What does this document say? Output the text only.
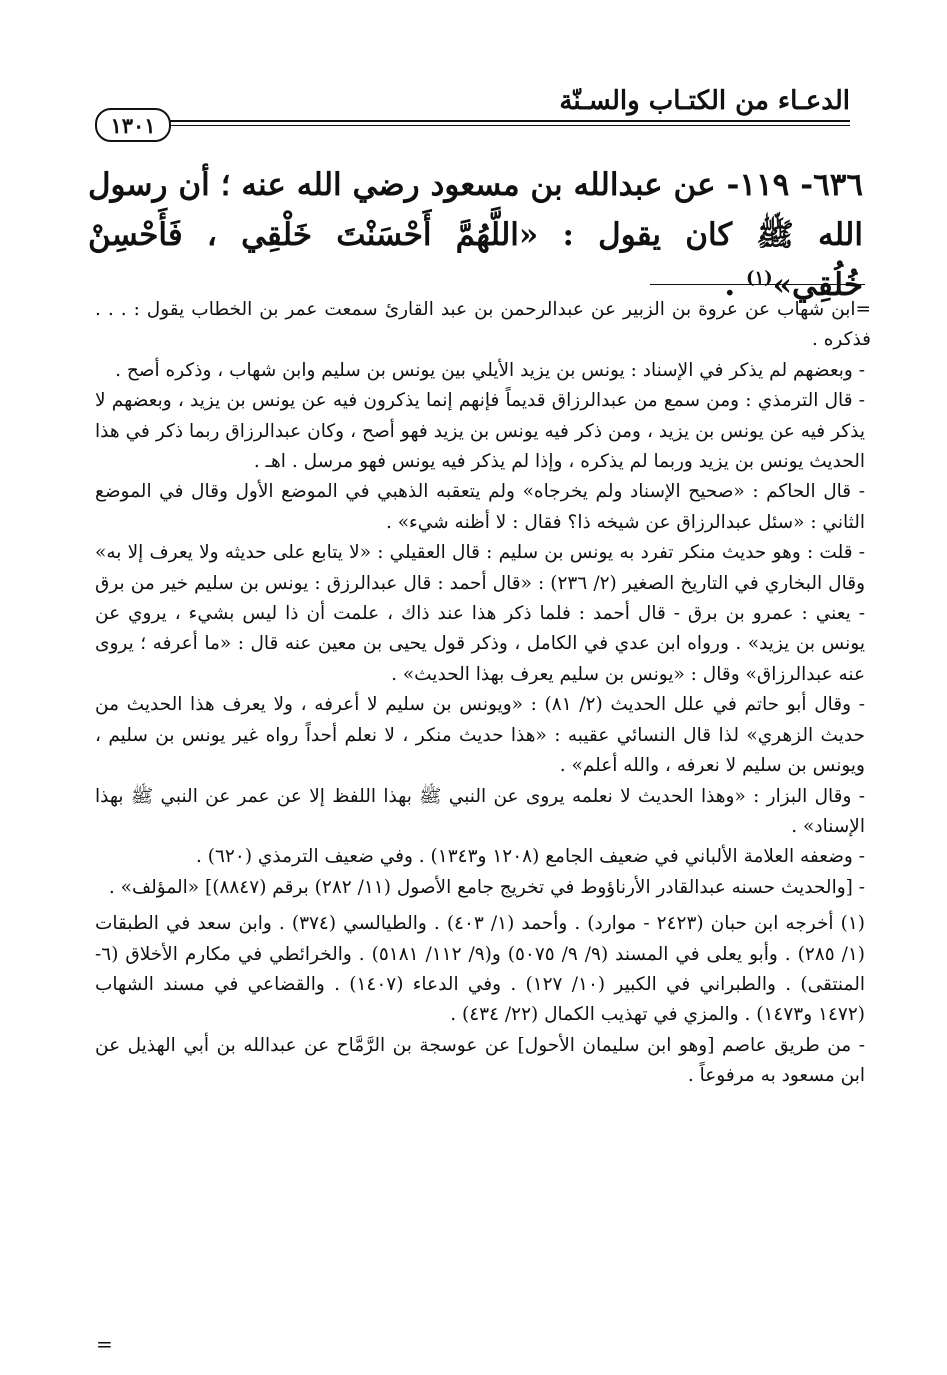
الدعـاء من الكتـاب والسـنّة
١٣٠١
٦٣٦- ١١٩- عن عبدالله بن مسعود رضي الله عنه ؛ أن رسول الله ﷺ كان يقول : «اللَّهُمَّ أَحْسَنْتَ خَلْقِي ، فَأَحْسِنْ خُلُقِي»$^{(١)}$ .

=ابن شهاب عن عروة بن الزبير عن عبدالرحمن بن عبد القارئ سمعت عمر بن الخطاب يقول : . . . فذكره .

- وبعضهم لم يذكر في الإسناد : يونس بن يزيد الأيلي بين يونس بن سليم وابن شهاب ، وذكره أصح .

- قال الترمذي : ومن سمع من عبدالرزاق قديماً فإنهم إنما يذكرون فيه عن يونس بن يزيد ، وبعضهم لا يذكر فيه عن يونس بن يزيد ، ومن ذكر فيه يونس بن يزيد فهو أصح ، وكان عبدالرزاق ربما ذكر في هذا الحديث يونس بن يزيد وربما لم يذكره ، وإذا لم يذكر فيه يونس فهو مرسل . اهـ .

- قال الحاكم : «صحيح الإسناد ولم يخرجاه» ولم يتعقبه الذهبي في الموضع الأول وقال في الموضع الثاني : «سئل عبدالرزاق عن شيخه ذا؟ فقال : لا أظنه شيء» .

- قلت : وهو حديث منكر تفرد به يونس بن سليم : قال العقيلي : «لا يتابع على حديثه ولا يعرف إلا به» وقال البخاري في التاريخ الصغير (٢/ ٢٣٦) : «قال أحمد : قال عبدالرزق : يونس بن سليم خير من برق - يعني : عمرو بن برق - قال أحمد : فلما ذكر هذا عند ذاك ، علمت أن ذا ليس بشيء ، يروي عن يونس بن يزيد» . ورواه ابن عدي في الكامل ، وذكر قول يحيى بن معين عنه قال : «ما أعرفه ؛ يروى عنه عبدالرزاق» وقال : «يونس بن سليم يعرف بهذا الحديث» .

- وقال أبو حاتم في علل الحديث (٢/ ٨١) : «ويونس بن سليم لا أعرفه ، ولا يعرف هذا الحديث من حديث الزهري» لذا قال النسائي عقيبه : «هذا حديث منكر ، لا نعلم أحداً رواه غير يونس بن سليم ، ويونس بن سليم لا نعرفه ، والله أعلم» .

- وقال البزار : «وهذا الحديث لا نعلمه يروى عن النبي ﷺ بهذا اللفظ إلا عن عمر عن النبي ﷺ بهذا الإسناد» .

- وضعفه العلامة الألباني في ضعيف الجامع (١٢٠٨ و١٣٤٣) . وفي ضعيف الترمذي (٦٢٠) .

- [والحديث حسنه عبدالقادر الأرناؤوط في تخريج جامع الأصول (١١/ ٢٨٢) برقم (٨٨٤٧)] «المؤلف» .

(١) أخرجه ابن حبان (٢٤٢٣ - موارد) . وأحمد (١/ ٤٠٣) . والطيالسي (٣٧٤) . وابن سعد في الطبقات (١/ ٢٨٥) . وأبو يعلى في المسند (٩/ ٩/ ٥٠٧٥) و(٩/ ١١٢/ ٥١٨١) . والخرائطي في مكارم الأخلاق (٦- المنتقى) . والطبراني في الكبير (١٠/ ١٢٧) . وفي الدعاء (١٤٠٧) . والقضاعي في مسند الشهاب (١٤٧٢ و١٤٧٣) . والمزي في تهذيب الكمال (٢٢/ ٤٣٤) .

- من طريق عاصم [وهو ابن سليمان الأحول] عن عوسجة بن الرَّمَّاح عن عبدالله بن أبي الهذيل عن ابن مسعود به مرفوعاً .

=
